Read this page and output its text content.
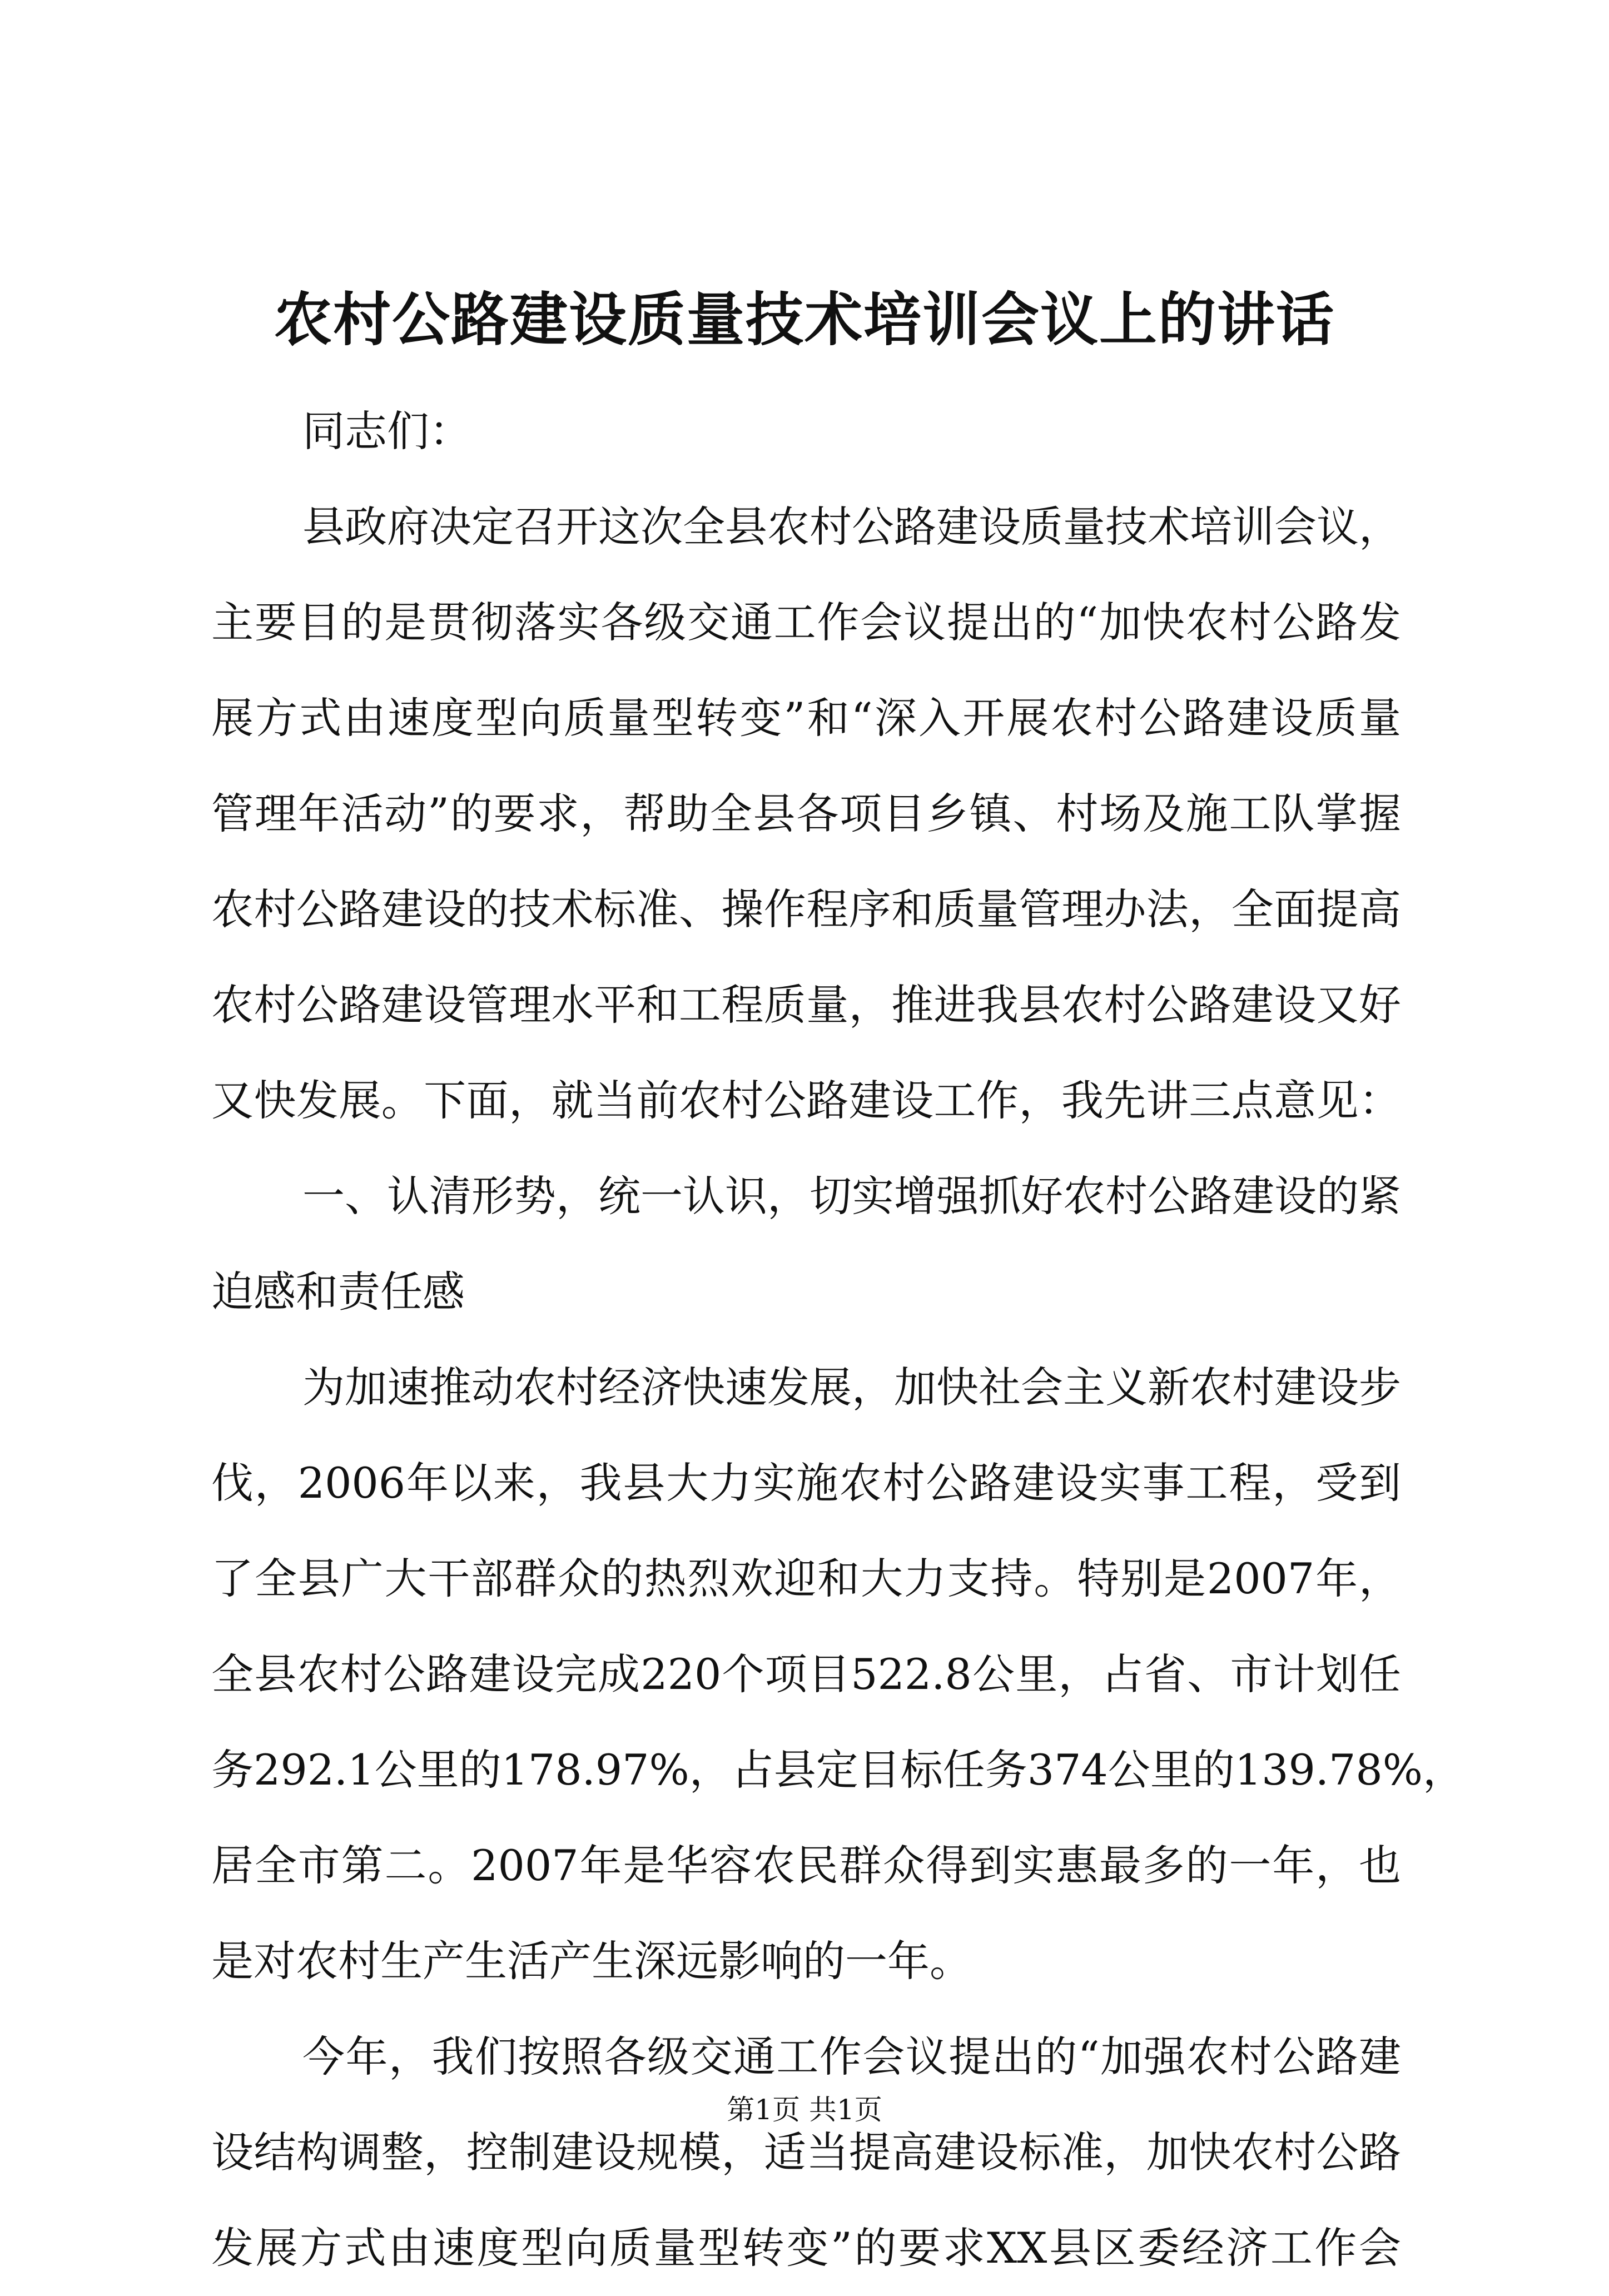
农村公路建设质量技术培训会议上的讲话
同志们：
县政府决定召开这次全县农村公路建设质量技术培训会议，
主要目的是贯彻落实各级交通工作会议提出的“加快农村公路发
展方式由速度型向质量型转变”和“深入开展农村公路建设质量
管理年活动”的要求，帮助全县各项目乡镇、村场及施工队掌握
农村公路建设的技术标准、操作程序和质量管理办法，全面提高
农村公路建设管理水平和工程质量，推进我县农村公路建设又好
又快发展。下面，就当前农村公路建设工作，我先讲三点意见：
一、认清形势，统一认识，切实增强抓好农村公路建设的紧
迫感和责任感
为加速推动农村经济快速发展，加快社会主义新农村建设步
伐，2006年以来，我县大力实施农村公路建设实事工程，受到
了全县广大干部群众的热烈欢迎和大力支持。特别是2007年，
全县农村公路建设完成220个项目522.8公里，占省、市计划任
务292.1公里的178.97%，占县定目标任务374公里的139.78%，
居全市第二。2007年是华容农民群众得到实惠最多的一年，也
是对农村生产生活产生深远影响的一年。
今年，我们按照各级交通工作会议提出的“加强农村公路建
设结构调整，控制建设规模，适当提高建设标准，加快农村公路
发展方式由速度型向质量型转变”的要求XX县区委经济工作会
第1页 共1页
